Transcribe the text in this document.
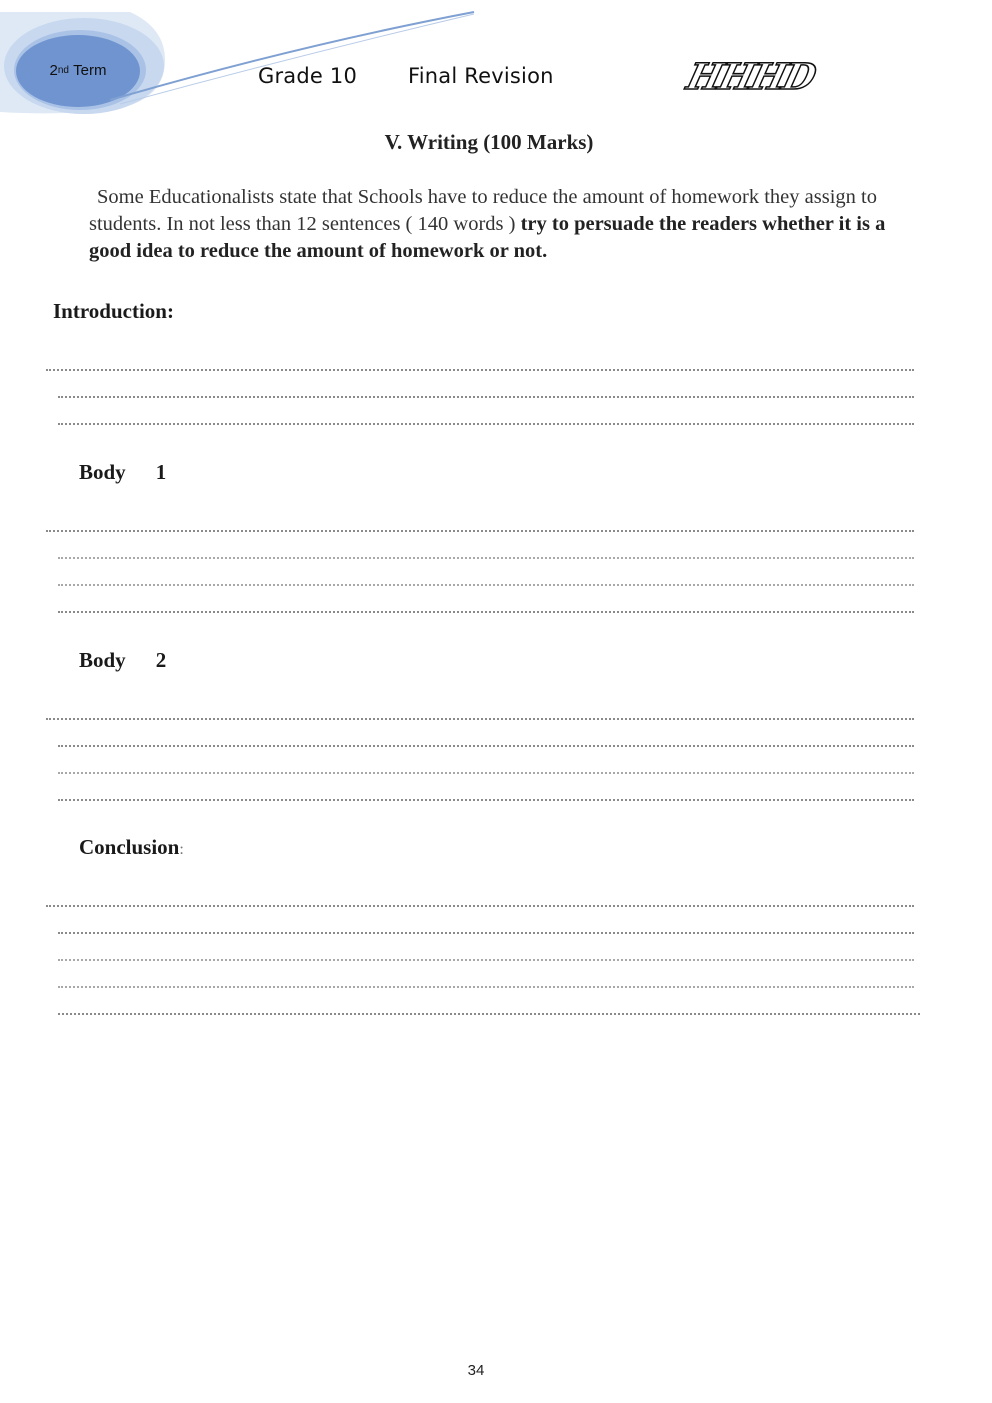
2 nd
Term	Grade 10 Final Revision	HHHD
V. Writing (100 Marks)
Some Educationalists state that Schools have to reduce the amount of homework they assign to students. In not less than 12 sentences ( 140 words ) try to persuade the readers whether it is a good idea to reduce the amount of homework or not.
Introduction:
Body 1
Body 2
Conclusion:
34
